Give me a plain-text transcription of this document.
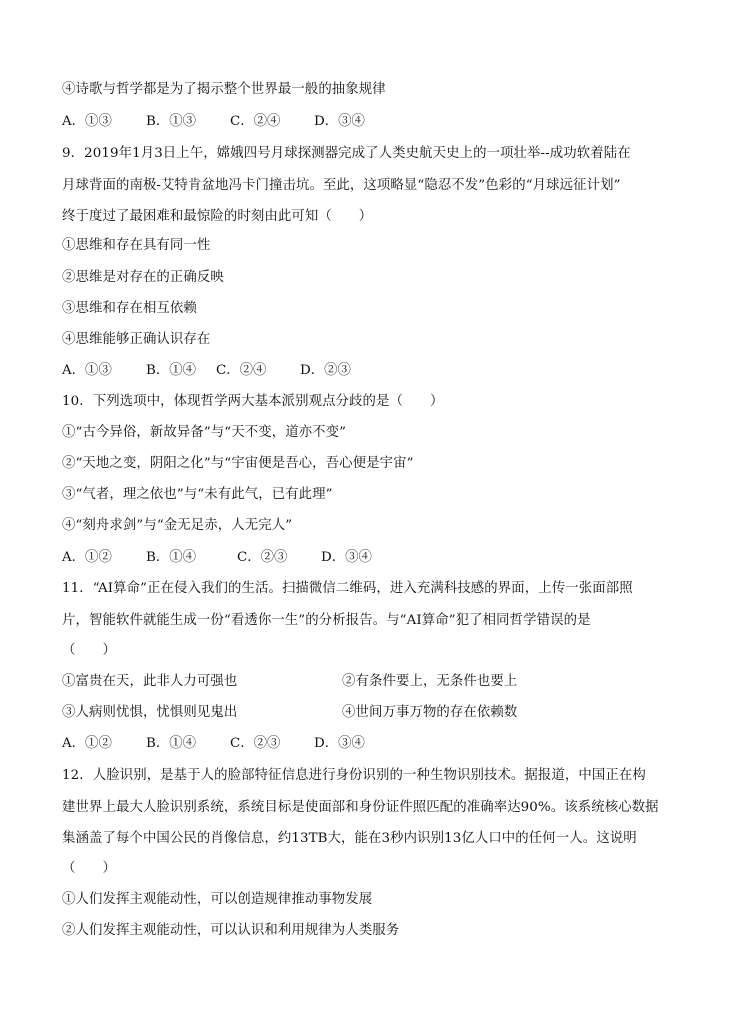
④诗歌与哲学都是为了揭示整个世界最一般的抽象规律
A．①③	B．①③	C．②④	D．③④
9．2019年1月3日上午，嫦娥四号月球探测器完成了人类史航天史上的一项壮举--成功软着陆在
月球背面的南极-艾特肯盆地冯卡门撞击坑。至此，这项略显“隐忍不发”色彩的“月球远征计划”
终于度过了最困难和最惊险的时刻由此可知（　　）
①思维和存在具有同一性
②思维是对存在的正确反映
③思维和存在相互依赖
④思维能够正确认识存在
A．①③	B．①④ C．②④	D．②③
10．下列选项中，体现哲学两大基本派别观点分歧的是（　　）
①“古今异俗，新故异备”与“天不变，道亦不变”
②“天地之变，阴阳之化”与“宇宙便是吾心，吾心便是宇宙”
③“气者，理之依也”与“未有此气，已有此理”
④“刻舟求剑”与“金无足赤，人无完人”
A．①②	B．①④	C．②③	D．③④
11．“AI算命”正在侵入我们的生活。扫描微信二维码，进入充满科技感的界面，上传一张面部照
片，智能软件就能生成一份“看透你一生”的分析报告。与“AI算命”犯了相同哲学错误的是
（　　）
①富贵在天，此非人力可强也	②有条件要上，无条件也要上
③人病则忧惧，忧惧则见鬼出	④世间万事万物的存在依赖数
A．①②	B．①④	C．②③	D．③④
12．人脸识别，是基于人的脸部特征信息进行身份识别的一种生物识别技术。据报道，中国正在构
建世界上最大人脸识别系统，系统目标是使面部和身份证件照匹配的准确率达90%。该系统核心数据
集涵盖了每个中国公民的肖像信息，约13TB大，能在3秒内识别13亿人口中的任何一人。这说明
（　　）
①人们发挥主观能动性，可以创造规律推动事物发展
②人们发挥主观能动性，可以认识和利用规律为人类服务
